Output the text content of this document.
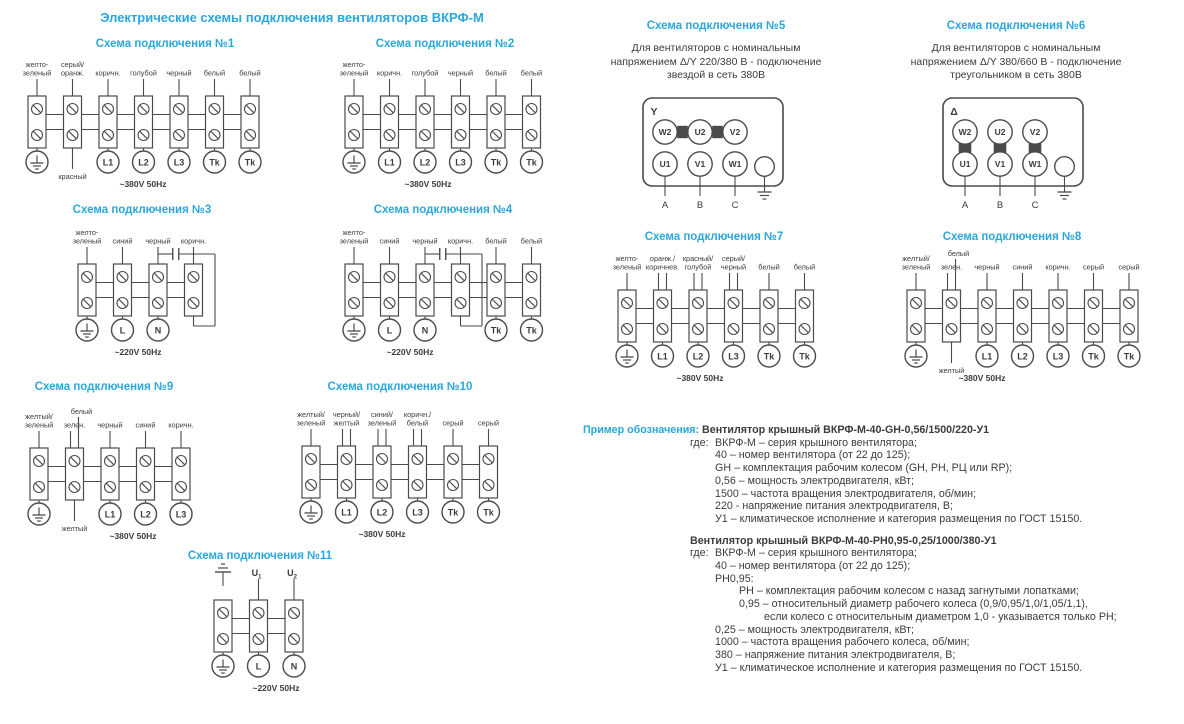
Электрические схемы подключения вентиляторов ВКРФ-М
Схема подключения №1	Схема подключения №2
Схема подключения №3	Схема подключения №4
Схема подключения №5	Схема подключения №6
Схема подключения №7	Схема подключения №8
Схема подключения №9	Схема подключения №10
Схема подключения №11
Для вентиляторов с номинальным
напряжением Δ/Y 220/380 В - подключение
звездой в сеть 380В
Для вентиляторов с номинальным
напряжением Δ/Y 380/660 В - подключение
треугольником в сеть 380В
желто-
зеленый
серый/
оранж.
красный
коричн.
L1
голубой
L2
черный
L3
белый
Tk
белый
Tk
~380V 50Hz
желто-
зеленый коричн.
L1
голубой
L2
черный
L3
белый
Tk
белый
Tk
~380V 50Hz
желто-
зеленый синий
L
черный
N
коричн.
~220V 50Hz
желто-
зеленый синий
L
черный
N
коричн. белый
Tk
белый
Tk
~220V 50Hz
Y
W2	U2	V2
U1	V1	W1
A	B	C
Δ
W2	U2	V2
U1	V1	W1
A	B	C
желто-
зеленый
оранж./
коричнев.
L1
красный/
голубой
L2
серый/
черный
L3
белый
Tk
белый
Tk
~380V 50Hz
желтый/
зеленый зелен.
белый
желтый
черный
L1
синий
L2
коричн.
L3
серый
Tk
серый
Tk
~380V 50Hz
желтый/
зеленый зелен.
белый
желтый
черный
L1
синий
L2
коричн.
L3
~380V 50Hz
желтый/
зеленый
черный/
желтый
L1
синий/
зеленый
L2
коричн./
белый
L3
серый
Tk
серый
Tk
~380V 50Hz
$U_1$
L
$U_2$
N
~220V 50Hz
Пример обозначения: Вентилятор крышный ВКРФ-М-40-GH-0,56/1500/220-У1
где: ВКРФ-М – серия крышного вентилятора;
40 – номер вентилятора (от 22 до 125);
GH – комплектация рабочим колесом (GH, PH, РЦ или RP);
0,56 – мощность электродвигателя, кВт;
1500 – частота вращения электродвигателя, об/мин;
220 - напряжение питания электродвигателя, В;
У1 – климатическое исполнение и категория размещения по ГОСТ 15150.
Вентилятор крышный ВКРФ-М-40-РН0,95-0,25/1000/380-У1
где: ВКРФ-М – серия крышного вентилятора;
40 – номер вентилятора (от 22 до 125);
РН0,95:
РН – комплектация рабочим колесом с назад загнутыми лопатками;
0,95 – относительный диаметр рабочего колеса (0,9/0,95/1,0/1,05/1,1),
если колесо с относительным диаметром 1,0 - указывается только РН;
0,25 – мощность электродвигателя, кВт;
1000 – частота вращения рабочего колеса, об/мин;
380 – напряжение питания электродвигателя, В;
У1 – климатическое исполнение и категория размещения по ГОСТ 15150.
